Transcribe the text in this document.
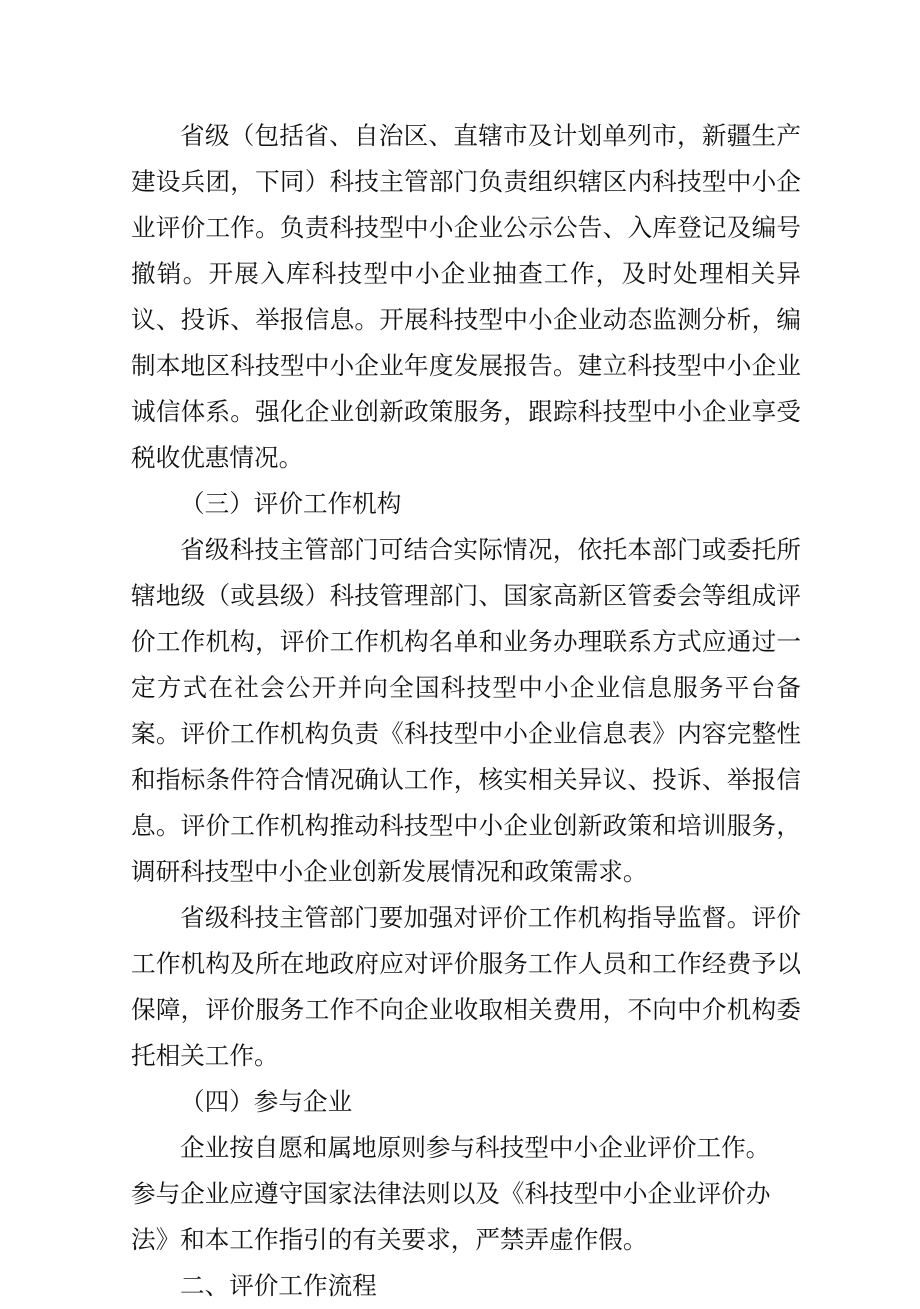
省级（包括省、自治区、直辖市及计划单列市，新疆生产建设兵团，下同）科技主管部门负责组织辖区内科技型中小企业评价工作。负责科技型中小企业公示公告、入库登记及编号撤销。开展入库科技型中小企业抽查工作，及时处理相关异议、投诉、举报信息。开展科技型中小企业动态监测分析，编制本地区科技型中小企业年度发展报告。建立科技型中小企业诚信体系。强化企业创新政策服务，跟踪科技型中小企业享受税收优惠情况。

（三）评价工作机构

省级科技主管部门可结合实际情况，依托本部门或委托所辖地级（或县级）科技管理部门、国家高新区管委会等组成评价工作机构，评价工作机构名单和业务办理联系方式应通过一定方式在社会公开并向全国科技型中小企业信息服务平台备案。评价工作机构负责《科技型中小企业信息表》内容完整性和指标条件符合情况确认工作，核实相关异议、投诉、举报信息。评价工作机构推动科技型中小企业创新政策和培训服务，调研科技型中小企业创新发展情况和政策需求。

省级科技主管部门要加强对评价工作机构指导监督。评价工作机构及所在地政府应对评价服务工作人员和工作经费予以保障，评价服务工作不向企业收取相关费用，不向中介机构委托相关工作。

（四）参与企业

企业按自愿和属地原则参与科技型中小企业评价工作。

参与企业应遵守国家法律法则以及《科技型中小企业评价办法》和本工作指引的有关要求，严禁弄虚作假。

二、评价工作流程
